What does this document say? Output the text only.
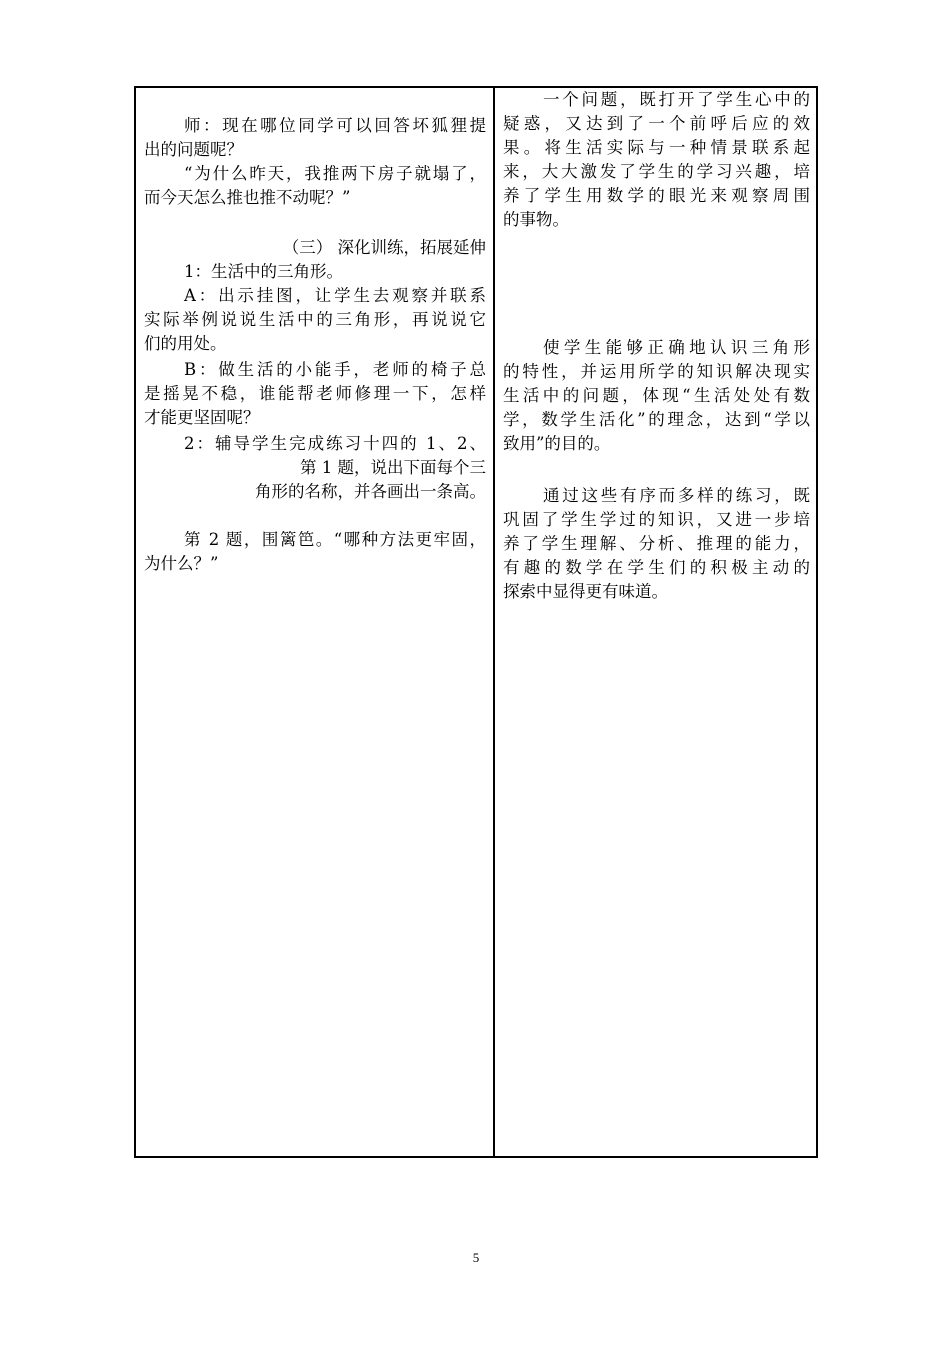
师：现在哪位同学可以回答坏狐狸提
出的问题呢？
“为什么昨天，我推两下房子就塌了，
而今天怎么推也推不动呢？”
（三） 深化训练，拓展延伸
1：生活中的三角形。
A：出示挂图，让学生去观察并联系
实际举例说说生活中的三角形，再说说它
们的用处。
B：做生活的小能手，老师的椅子总
是摇晃不稳，谁能帮老师修理一下，怎样
才能更坚固呢？
2：辅导学生完成练习十四的 1、2、
第 1 题，说出下面每个三
角形的名称，并各画出一条高。
第 2 题，围篱笆。“哪种方法更牢固，
为什么？”
一个问题，既打开了学生心中的
疑惑，又达到了一个前呼后应的效
果。将生活实际与一种情景联系起
来，大大激发了学生的学习兴趣，培
养了学生用数学的眼光来观察周围
的事物。
使学生能够正确地认识三角形
的特性，并运用所学的知识解决现实
生活中的问题，体现“生活处处有数
学，数学生活化”的理念，达到“学以
致用”的目的。
通过这些有序而多样的练习，既
巩固了学生学过的知识，又进一步培
养了学生理解、分析、推理的能力，
有趣的数学在学生们的积极主动的
探索中显得更有味道。
5
